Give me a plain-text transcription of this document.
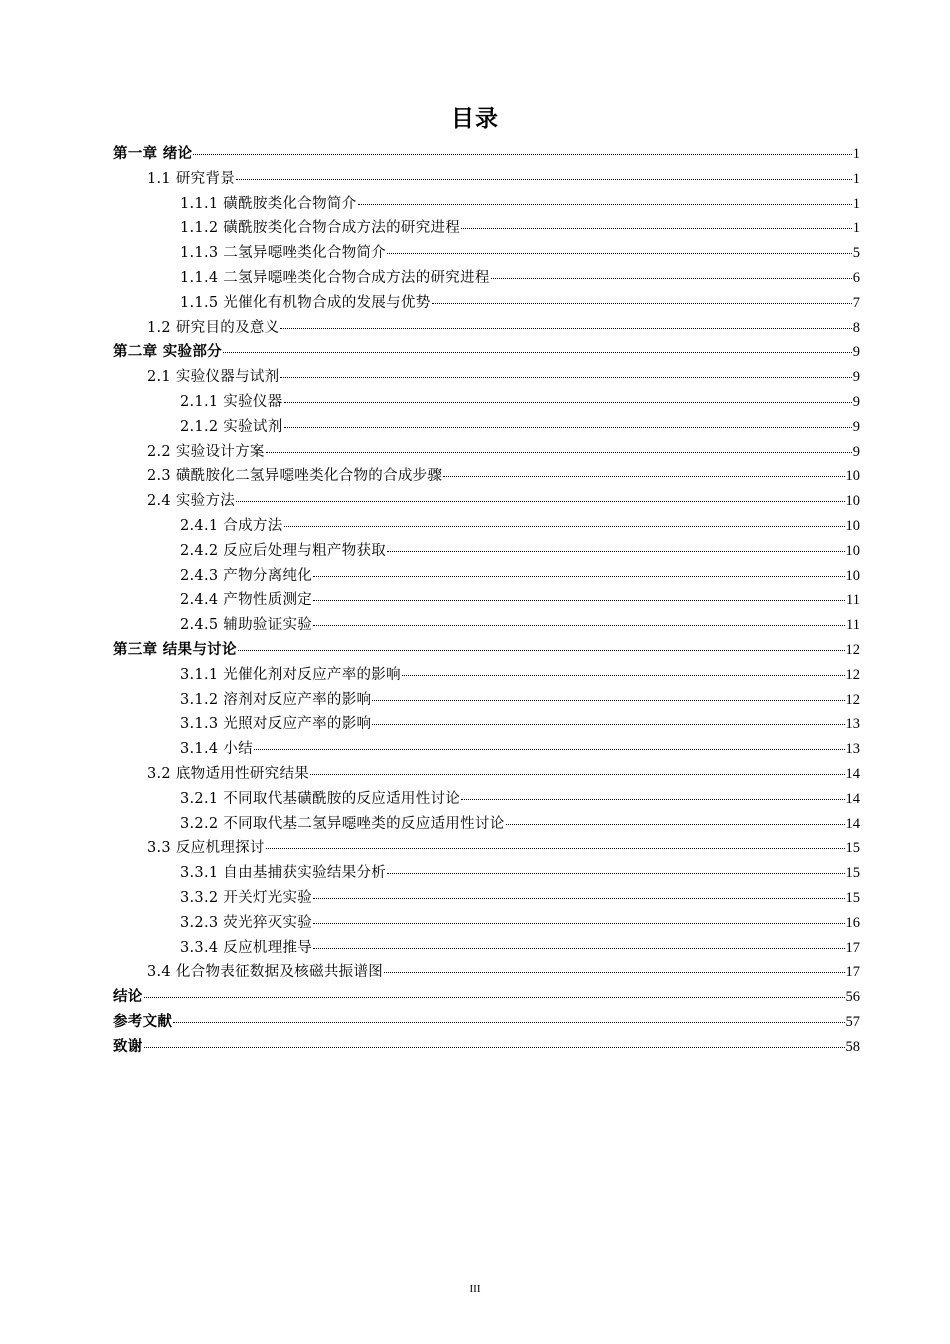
目录
第一章 绪论	1
1.1 研究背景	1
1.1.1 磺酰胺类化合物简介	1
1.1.2 磺酰胺类化合物合成方法的研究进程	1
1.1.3 二氢异噁唑类化合物简介	5
1.1.4 二氢异噁唑类化合物合成方法的研究进程	6
1.1.5 光催化有机物合成的发展与优势	7
1.2 研究目的及意义	8
第二章 实验部分	9
2.1 实验仪器与试剂	9
2.1.1 实验仪器	9
2.1.2 实验试剂	9
2.2 实验设计方案	9
2.3 磺酰胺化二氢异噁唑类化合物的合成步骤	10
2.4 实验方法	10
2.4.1 合成方法	10
2.4.2 反应后处理与粗产物获取	10
2.4.3 产物分离纯化	10
2.4.4 产物性质测定	11
2.4.5 辅助验证实验	11
第三章 结果与讨论	12
3.1.1 光催化剂对反应产率的影响	12
3.1.2 溶剂对反应产率的影响	12
3.1.3 光照对反应产率的影响	13
3.1.4 小结	13
3.2 底物适用性研究结果	14
3.2.1 不同取代基磺酰胺的反应适用性讨论	14
3.2.2 不同取代基二氢异噁唑类的反应适用性讨论	14
3.3 反应机理探讨	15
3.3.1 自由基捕获实验结果分析	15
3.3.2 开关灯光实验	15
3.2.3 荧光猝灭实验	16
3.3.4 反应机理推导	17
3.4 化合物表征数据及核磁共振谱图	17
结论	56
参考文献	57
致谢	58
III
